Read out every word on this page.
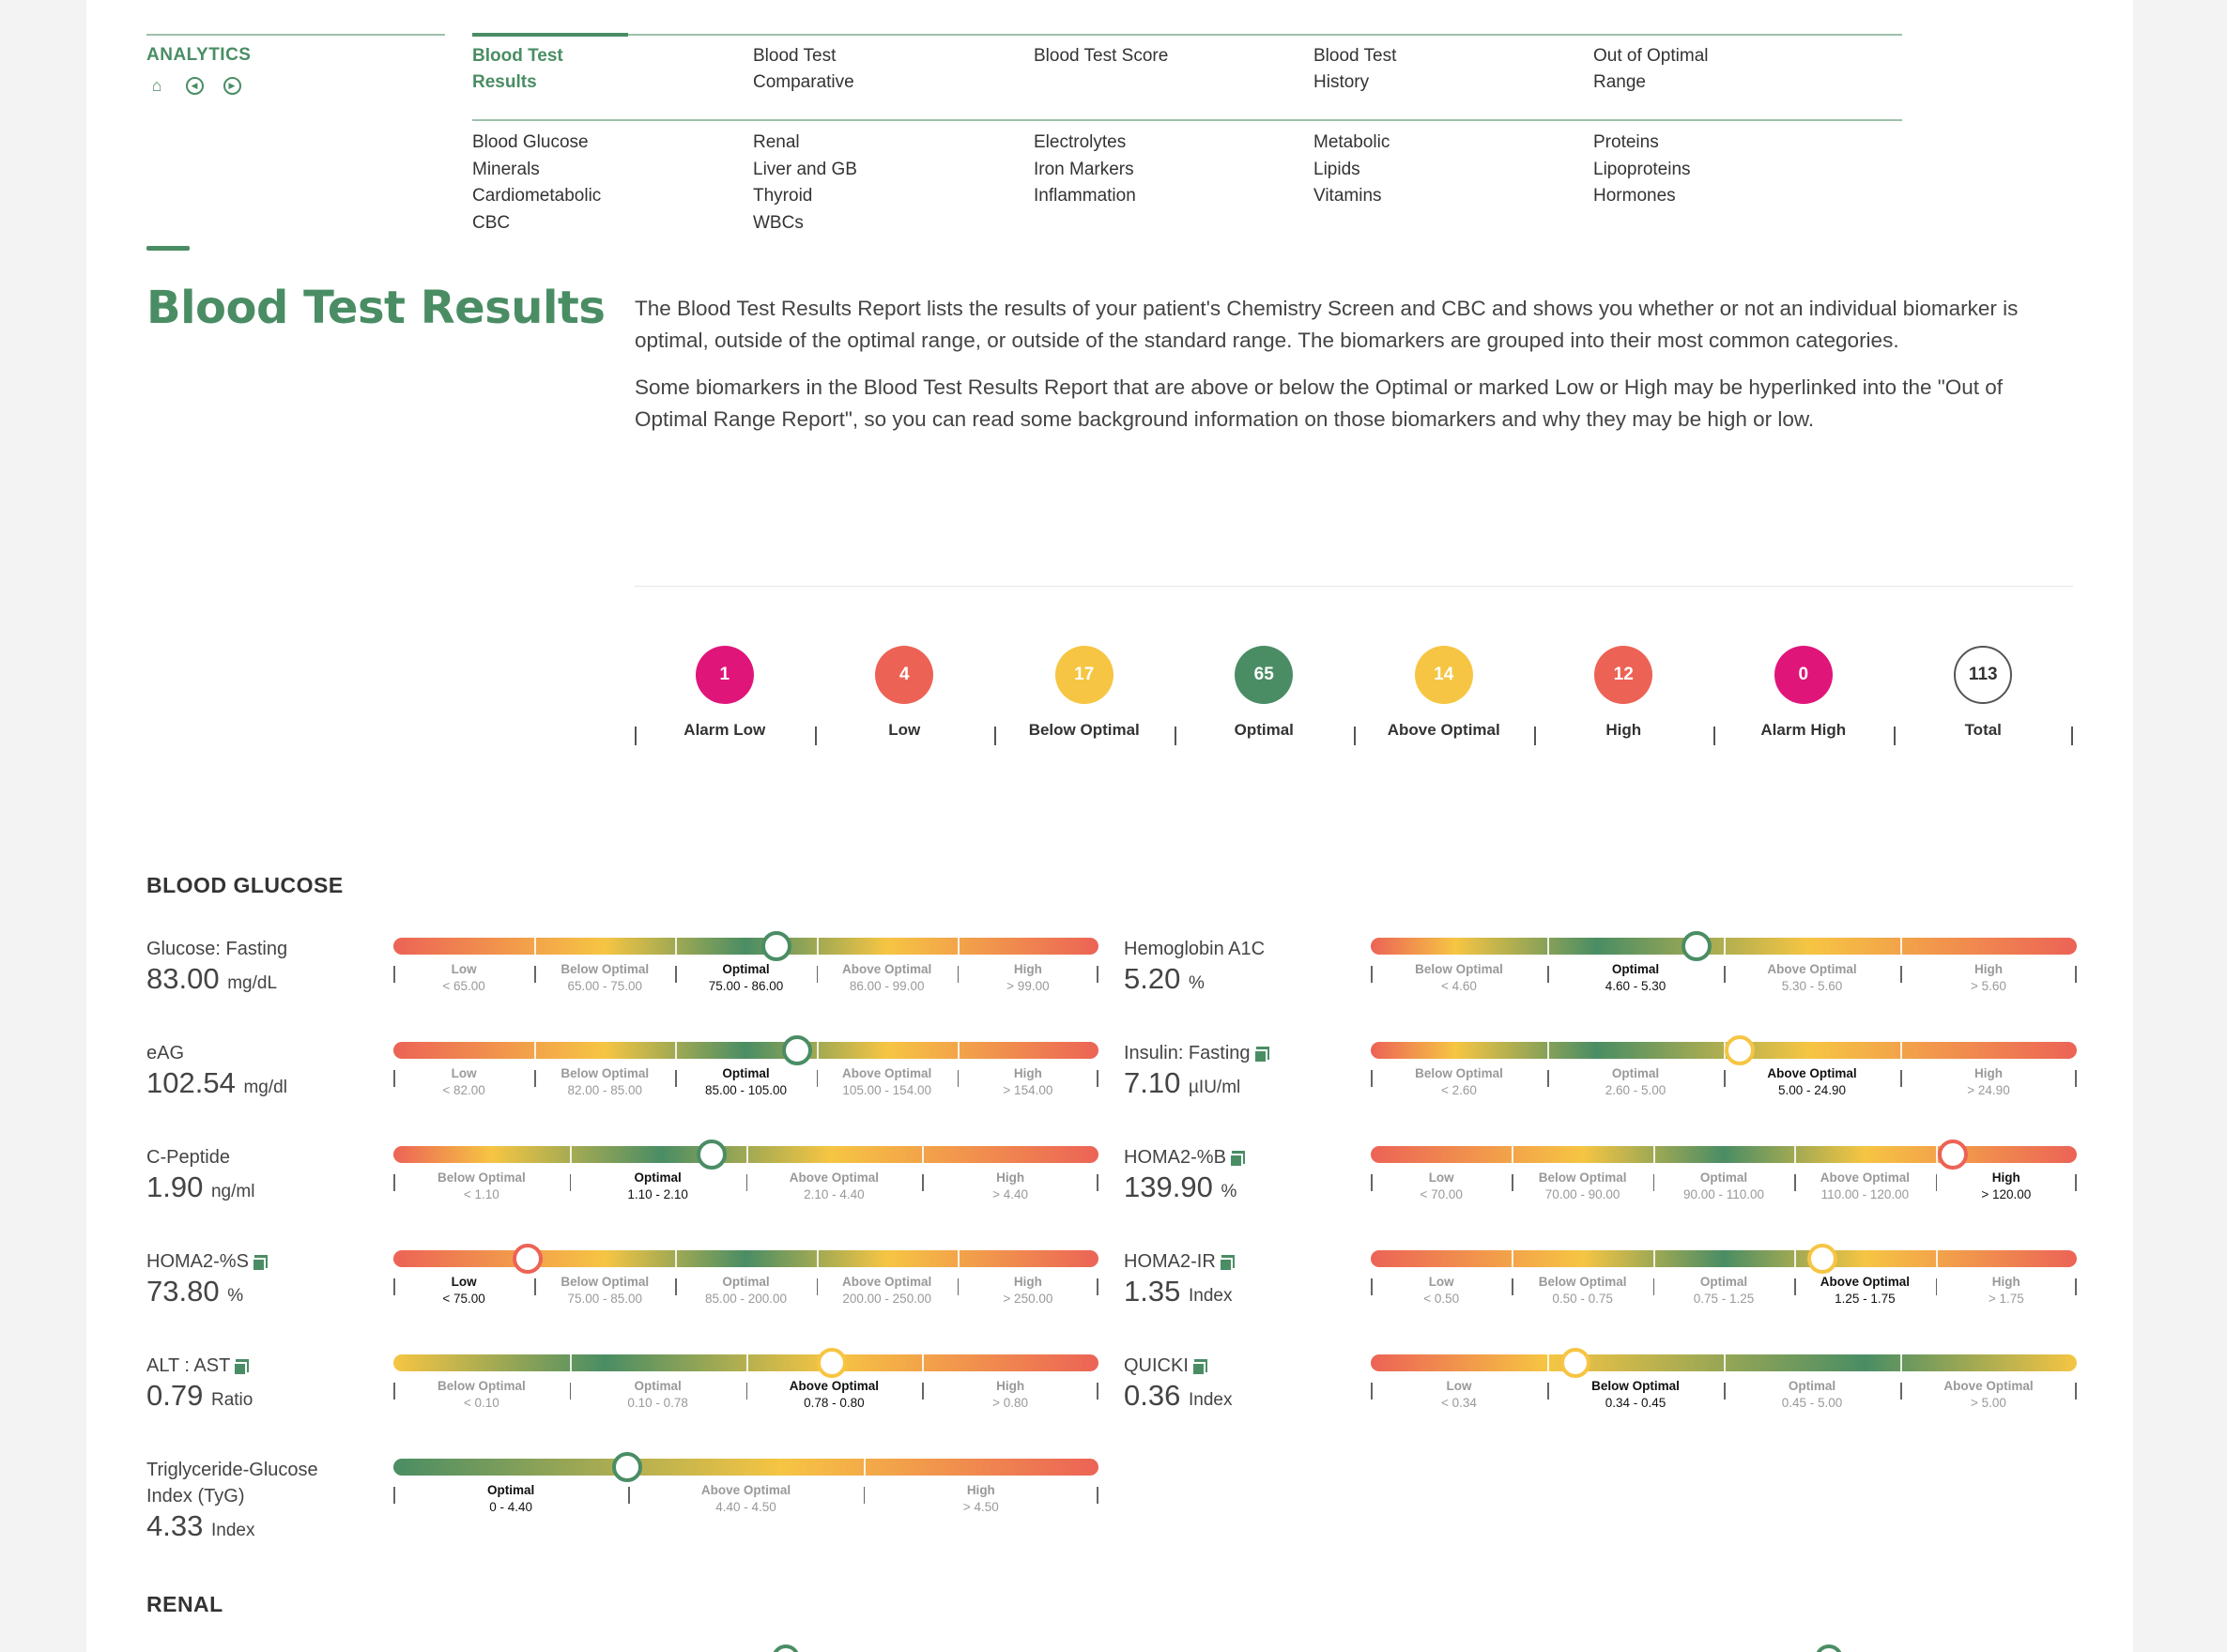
ANALYTICS
⌂	◀	▶
Blood Test
Results
Blood Test
Comparative
Blood Test Score	Blood Test
History
Out of Optimal
Range
Blood Glucose
Minerals
Cardiometabolic
CBC
Renal
Liver and GB
Thyroid
WBCs
Electrolytes
Iron Markers
Inflammation
Metabolic
Lipids
Vitamins
Proteins
Lipoproteins
Hormones
Blood Test Results The Blood Test Results Report lists the results of your patient's Chemistry Screen and CBC and shows you whether or not an individual biomarker is optimal, outside of the optimal range, or outside of the standard range. The biomarkers are grouped into their most common categories.

Some biomarkers in the Blood Test Results Report that are above or below the Optimal or marked Low or High may be hyperlinked into the "Out of Optimal Range Report", so you can read some background information on those biomarkers and why they may be high or low.

1
Alarm Low
4
Low
17
Below Optimal
65
Optimal
14
Above Optimal
12
High
0
Alarm High
113
Total
BLOOD GLUCOSE
Glucose: Fasting
83.00 mg/dL
Low
< 65.00
Below Optimal
65.00 - 75.00
Optimal
75.00 - 86.00
Above Optimal
86.00 - 99.00
High
> 99.00
eAG
102.54 mg/dl
Low
< 82.00
Below Optimal
82.00 - 85.00
Optimal
85.00 - 105.00
Above Optimal
105.00 - 154.00
High
> 154.00
C-Peptide
1.90 ng/ml
Below Optimal
< 1.10
Optimal
1.10 - 2.10
Above Optimal
2.10 - 4.40
High
> 4.40
HOMA2-%S
73.80 %
Low
< 75.00
Below Optimal
75.00 - 85.00
Optimal
85.00 - 200.00
Above Optimal
200.00 - 250.00
High
> 250.00
ALT : AST
0.79 Ratio
Below Optimal
< 0.10
Optimal
0.10 - 0.78
Above Optimal
0.78 - 0.80
High
> 0.80
Triglyceride-Glucose
Index (TyG)
4.33 Index
Optimal
0 - 4.40
Above Optimal
4.40 - 4.50
High
> 4.50
Hemoglobin A1C
5.20 %
Below Optimal
< 4.60
Optimal
4.60 - 5.30
Above Optimal
5.30 - 5.60
High
> 5.60
Insulin: Fasting
7.10 µIU/ml
Below Optimal
< 2.60
Optimal
2.60 - 5.00
Above Optimal
5.00 - 24.90
High
> 24.90
HOMA2-%B
139.90 %
Low
< 70.00
Below Optimal
70.00 - 90.00
Optimal
90.00 - 110.00
Above Optimal
110.00 - 120.00
High
> 120.00
HOMA2-IR
1.35 Index
Low
< 0.50
Below Optimal
0.50 - 0.75
Optimal
0.75 - 1.25
Above Optimal
1.25 - 1.75
High
> 1.75
QUICKI
0.36 Index
Low
< 0.34
Below Optimal
0.34 - 0.45
Optimal
0.45 - 5.00
Above Optimal
> 5.00
RENAL
